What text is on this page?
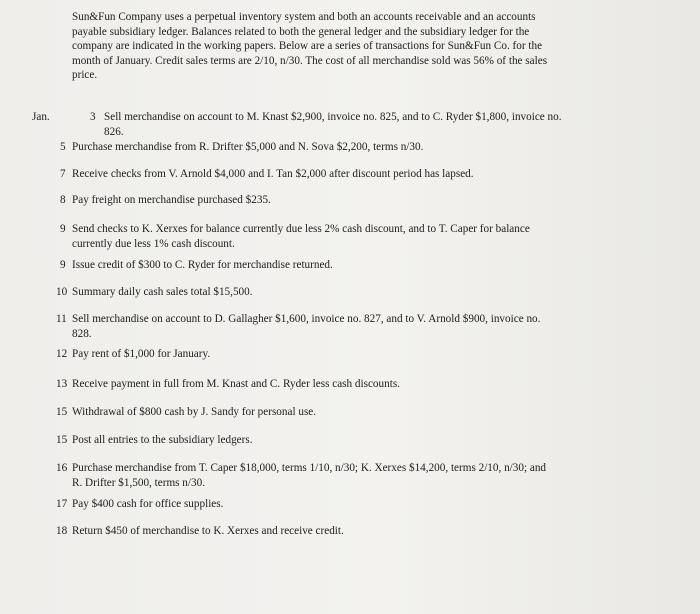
Sun&Fun Company uses a perpetual inventory system and both an accounts receivable and an accounts
payable subsidiary ledger. Balances related to both the general ledger and the subsidiary ledger for the
company are indicated in the working papers. Below are a series of transactions for Sun&Fun Co. for the
month of January. Credit sales terms are 2/10, n/30. The cost of all merchandise sold was 56% of the sales
price.

Jan.	3 Sell merchandise on account to M. Knast $2,900, invoice no. 825, and to C. Ryder $1,800, invoice no.
826.
5 Purchase merchandise from R. Drifter $5,000 and N. Sova $2,200, terms n/30.
7 Receive checks from V. Arnold $4,000 and I. Tan $2,000 after discount period has lapsed.
8 Pay freight on merchandise purchased $235.
9 Send checks to K. Xerxes for balance currently due less 2% cash discount, and to T. Caper for balance
currently due less 1% cash discount.
9 Issue credit of $300 to C. Ryder for merchandise returned.
10 Summary daily cash sales total $15,500.
11 Sell merchandise on account to D. Gallagher $1,600, invoice no. 827, and to V. Arnold $900, invoice no.
828.
12 Pay rent of $1,000 for January.
13 Receive payment in full from M. Knast and C. Ryder less cash discounts.
15 Withdrawal of $800 cash by J. Sandy for personal use.
15 Post all entries to the subsidiary ledgers.
16 Purchase merchandise from T. Caper $18,000, terms 1/10, n/30; K. Xerxes $14,200, terms 2/10, n/30; and
R. Drifter $1,500, terms n/30.
17 Pay $400 cash for office supplies.
18 Return $450 of merchandise to K. Xerxes and receive credit.
